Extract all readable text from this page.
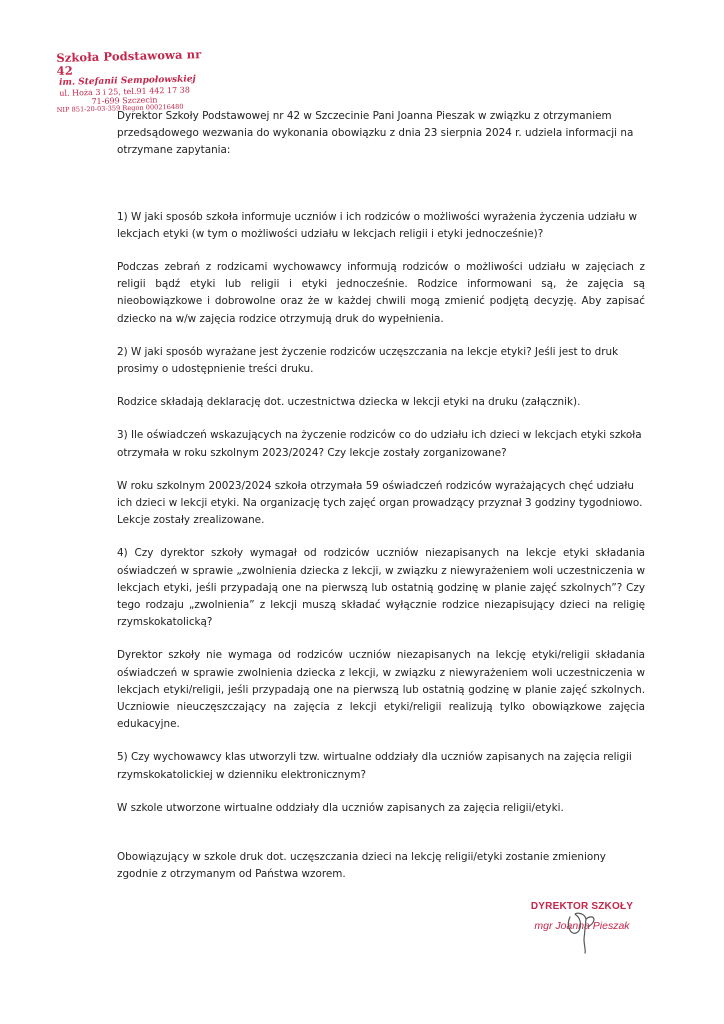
Szkoła Podstawowa nr 42
im. Stefanii Sempołowskiej
ul. Hoża 3 i 25, tel.91 442 17 38
71-699 Szczecin
NIP 851-20-03-359 Regon 000216480

Dyrektor Szkoły Podstawowej nr 42 w Szczecinie Pani Joanna Pieszak w związku z otrzymaniem przedsądowego wezwania do wykonania obowiązku z dnia 23 sierpnia 2024 r. udziela informacji na otrzymane zapytania:

1) W jaki sposób szkoła informuje uczniów i ich rodziców o możliwości wyrażenia życzenia udziału w lekcjach etyki (w tym o możliwości udziału w lekcjach religii i etyki jednocześnie)?

Podczas zebrań z rodzicami wychowawcy informują rodziców o możliwości udziału w zajęciach z religii bądź etyki lub religii i etyki jednocześnie. Rodzice informowani są, że zajęcia są nieobowiązkowe i dobrowolne oraz że w każdej chwili mogą zmienić podjętą decyzję. Aby zapisać dziecko na w/w zajęcia rodzice otrzymują druk do wypełnienia.

2) W jaki sposób wyrażane jest życzenie rodziców uczęszczania na lekcje etyki? Jeśli jest to druk prosimy o udostępnienie treści druku.

Rodzice składają deklarację dot. uczestnictwa dziecka w lekcji etyki na druku (załącznik).

3) Ile oświadczeń wskazujących na życzenie rodziców co do udziału ich dzieci w lekcjach etyki szkoła otrzymała w roku szkolnym 2023/2024? Czy lekcje zostały zorganizowane?

W roku szkolnym 20023/2024 szkoła otrzymała 59 oświadczeń rodziców wyrażających chęć udziału ich dzieci w lekcji etyki. Na organizację tych zajęć organ prowadzący przyznał 3 godziny tygodniowo. Lekcje zostały zrealizowane.

4) Czy dyrektor szkoły wymagał od rodziców uczniów niezapisanych na lekcje etyki składania oświadczeń w sprawie „zwolnienia dziecka z lekcji, w związku z niewyrażeniem woli uczestniczenia w lekcjach etyki, jeśli przypadają one na pierwszą lub ostatnią godzinę w planie zajęć szkolnych”? Czy tego rodzaju „zwolnienia” z lekcji muszą składać wyłącznie rodzice niezapisujący dzieci na religię rzymskokatolicką?

Dyrektor szkoły nie wymaga od rodziców uczniów niezapisanych na lekcję etyki/religii składania oświadczeń w sprawie zwolnienia dziecka z lekcji, w związku z niewyrażeniem woli uczestniczenia w lekcjach etyki/religii, jeśli przypadają one na pierwszą lub ostatnią godzinę w planie zajęć szkolnych. Uczniowie nieuczęszczający na zajęcia z lekcji etyki/religii realizują tylko obowiązkowe zajęcia edukacyjne.

5) Czy wychowawcy klas utworzyli tzw. wirtualne oddziały dla uczniów zapisanych na zajęcia religii rzymskokatolickiej w dzienniku elektronicznym?

W szkole utworzone wirtualne oddziały dla uczniów zapisanych za zajęcia religii/etyki.

Obowiązujący w szkole druk dot. uczęszczania dzieci na lekcję religii/etyki zostanie zmieniony zgodnie z otrzymanym od Państwa wzorem.

DYREKTOR SZKOŁY
mgr Joanna Pieszak
